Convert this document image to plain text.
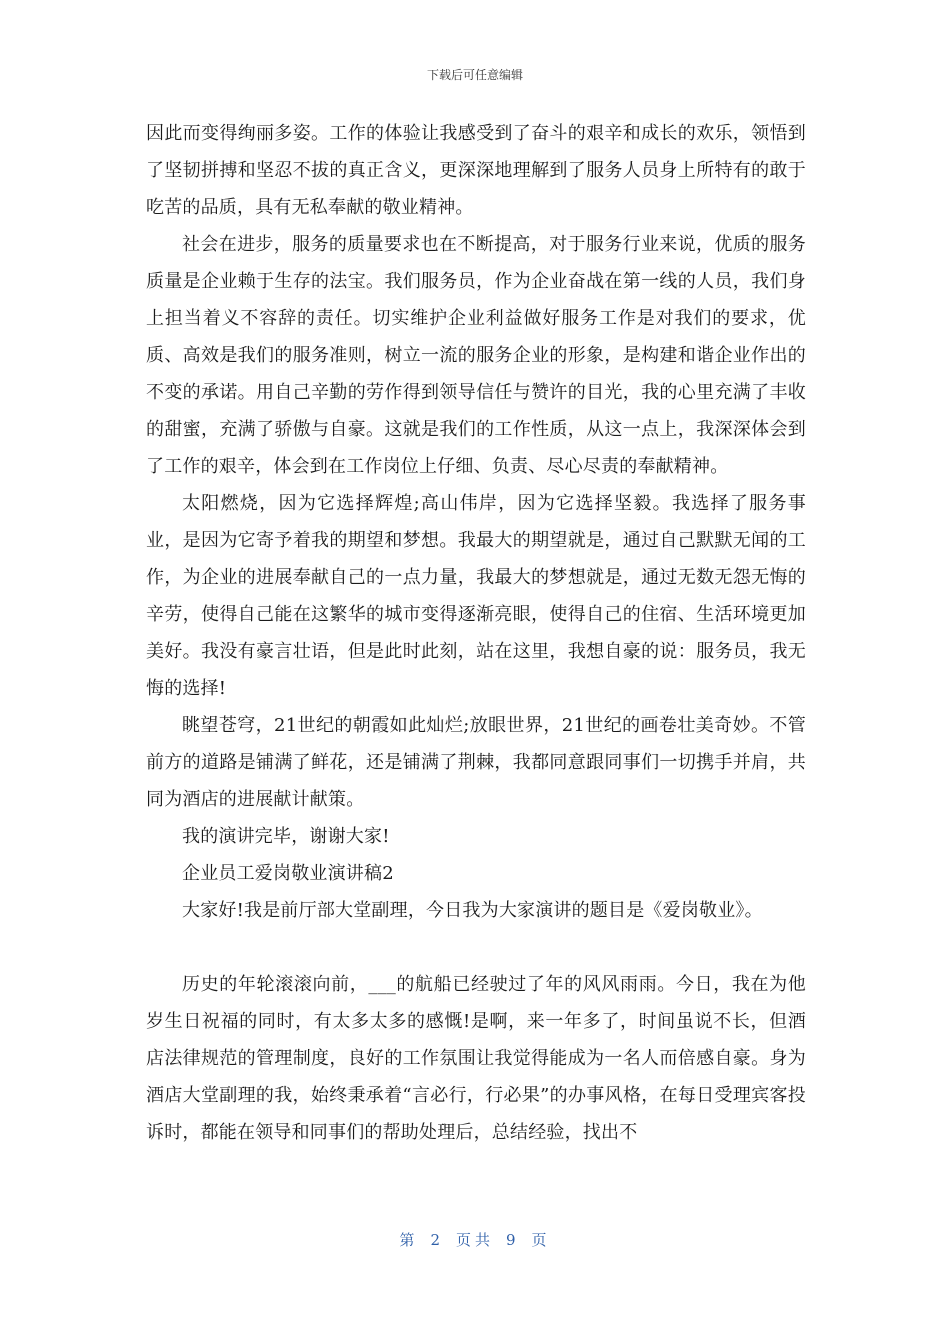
下载后可任意编辑

因此而变得绚丽多姿。工作的体验让我感受到了奋斗的艰辛和成长的欢乐，领悟到了坚韧拼搏和坚忍不拔的真正含义，更深深地理解到了服务人员身上所特有的敢于吃苦的品质，具有无私奉献的敬业精神。

社会在进步，服务的质量要求也在不断提高，对于服务行业来说，优质的服务质量是企业赖于生存的法宝。我们服务员，作为企业奋战在第一线的人员，我们身上担当着义不容辞的责任。切实维护企业利益做好服务工作是对我们的要求，优质、高效是我们的服务准则，树立一流的服务企业的形象，是构建和谐企业作出的不变的承诺。用自己辛勤的劳作得到领导信任与赞许的目光，我的心里充满了丰收的甜蜜，充满了骄傲与自豪。这就是我们的工作性质，从这一点上，我深深体会到了工作的艰辛，体会到在工作岗位上仔细、负责、尽心尽责的奉献精神。

太阳燃烧，因为它选择辉煌;高山伟岸，因为它选择坚毅。我选择了服务事业，是因为它寄予着我的期望和梦想。我最大的期望就是，通过自己默默无闻的工作，为企业的进展奉献自己的一点力量，我最大的梦想就是，通过无数无怨无悔的辛劳，使得自己能在这繁华的城市变得逐渐亮眼，使得自己的住宿、生活环境更加美好。我没有豪言壮语，但是此时此刻，站在这里，我想自豪的说：服务员，我无悔的选择!

眺望苍穹，21世纪的朝霞如此灿烂;放眼世界，21世纪的画卷壮美奇妙。不管前方的道路是铺满了鲜花，还是铺满了荆棘，我都同意跟同事们一切携手并肩，共同为酒店的进展献计献策。

我的演讲完毕，谢谢大家!

企业员工爱岗敬业演讲稿2

大家好!我是前厅部大堂副理，今日我为大家演讲的题目是《爱岗敬业》。

历史的年轮滚滚向前，___的航船已经驶过了年的风风雨雨。今日，我在为他岁生日祝福的同时，有太多太多的感慨!是啊，来一年多了，时间虽说不长，但酒店法律规范的管理制度，良好的工作氛围让我觉得能成为一名人而倍感自豪。身为酒店大堂副理的我，始终秉承着“言必行，行必果”的办事风格，在每日受理宾客投诉时，都能在领导和同事们的帮助处理后，总结经验，找出不

第 2 页共 9 页
